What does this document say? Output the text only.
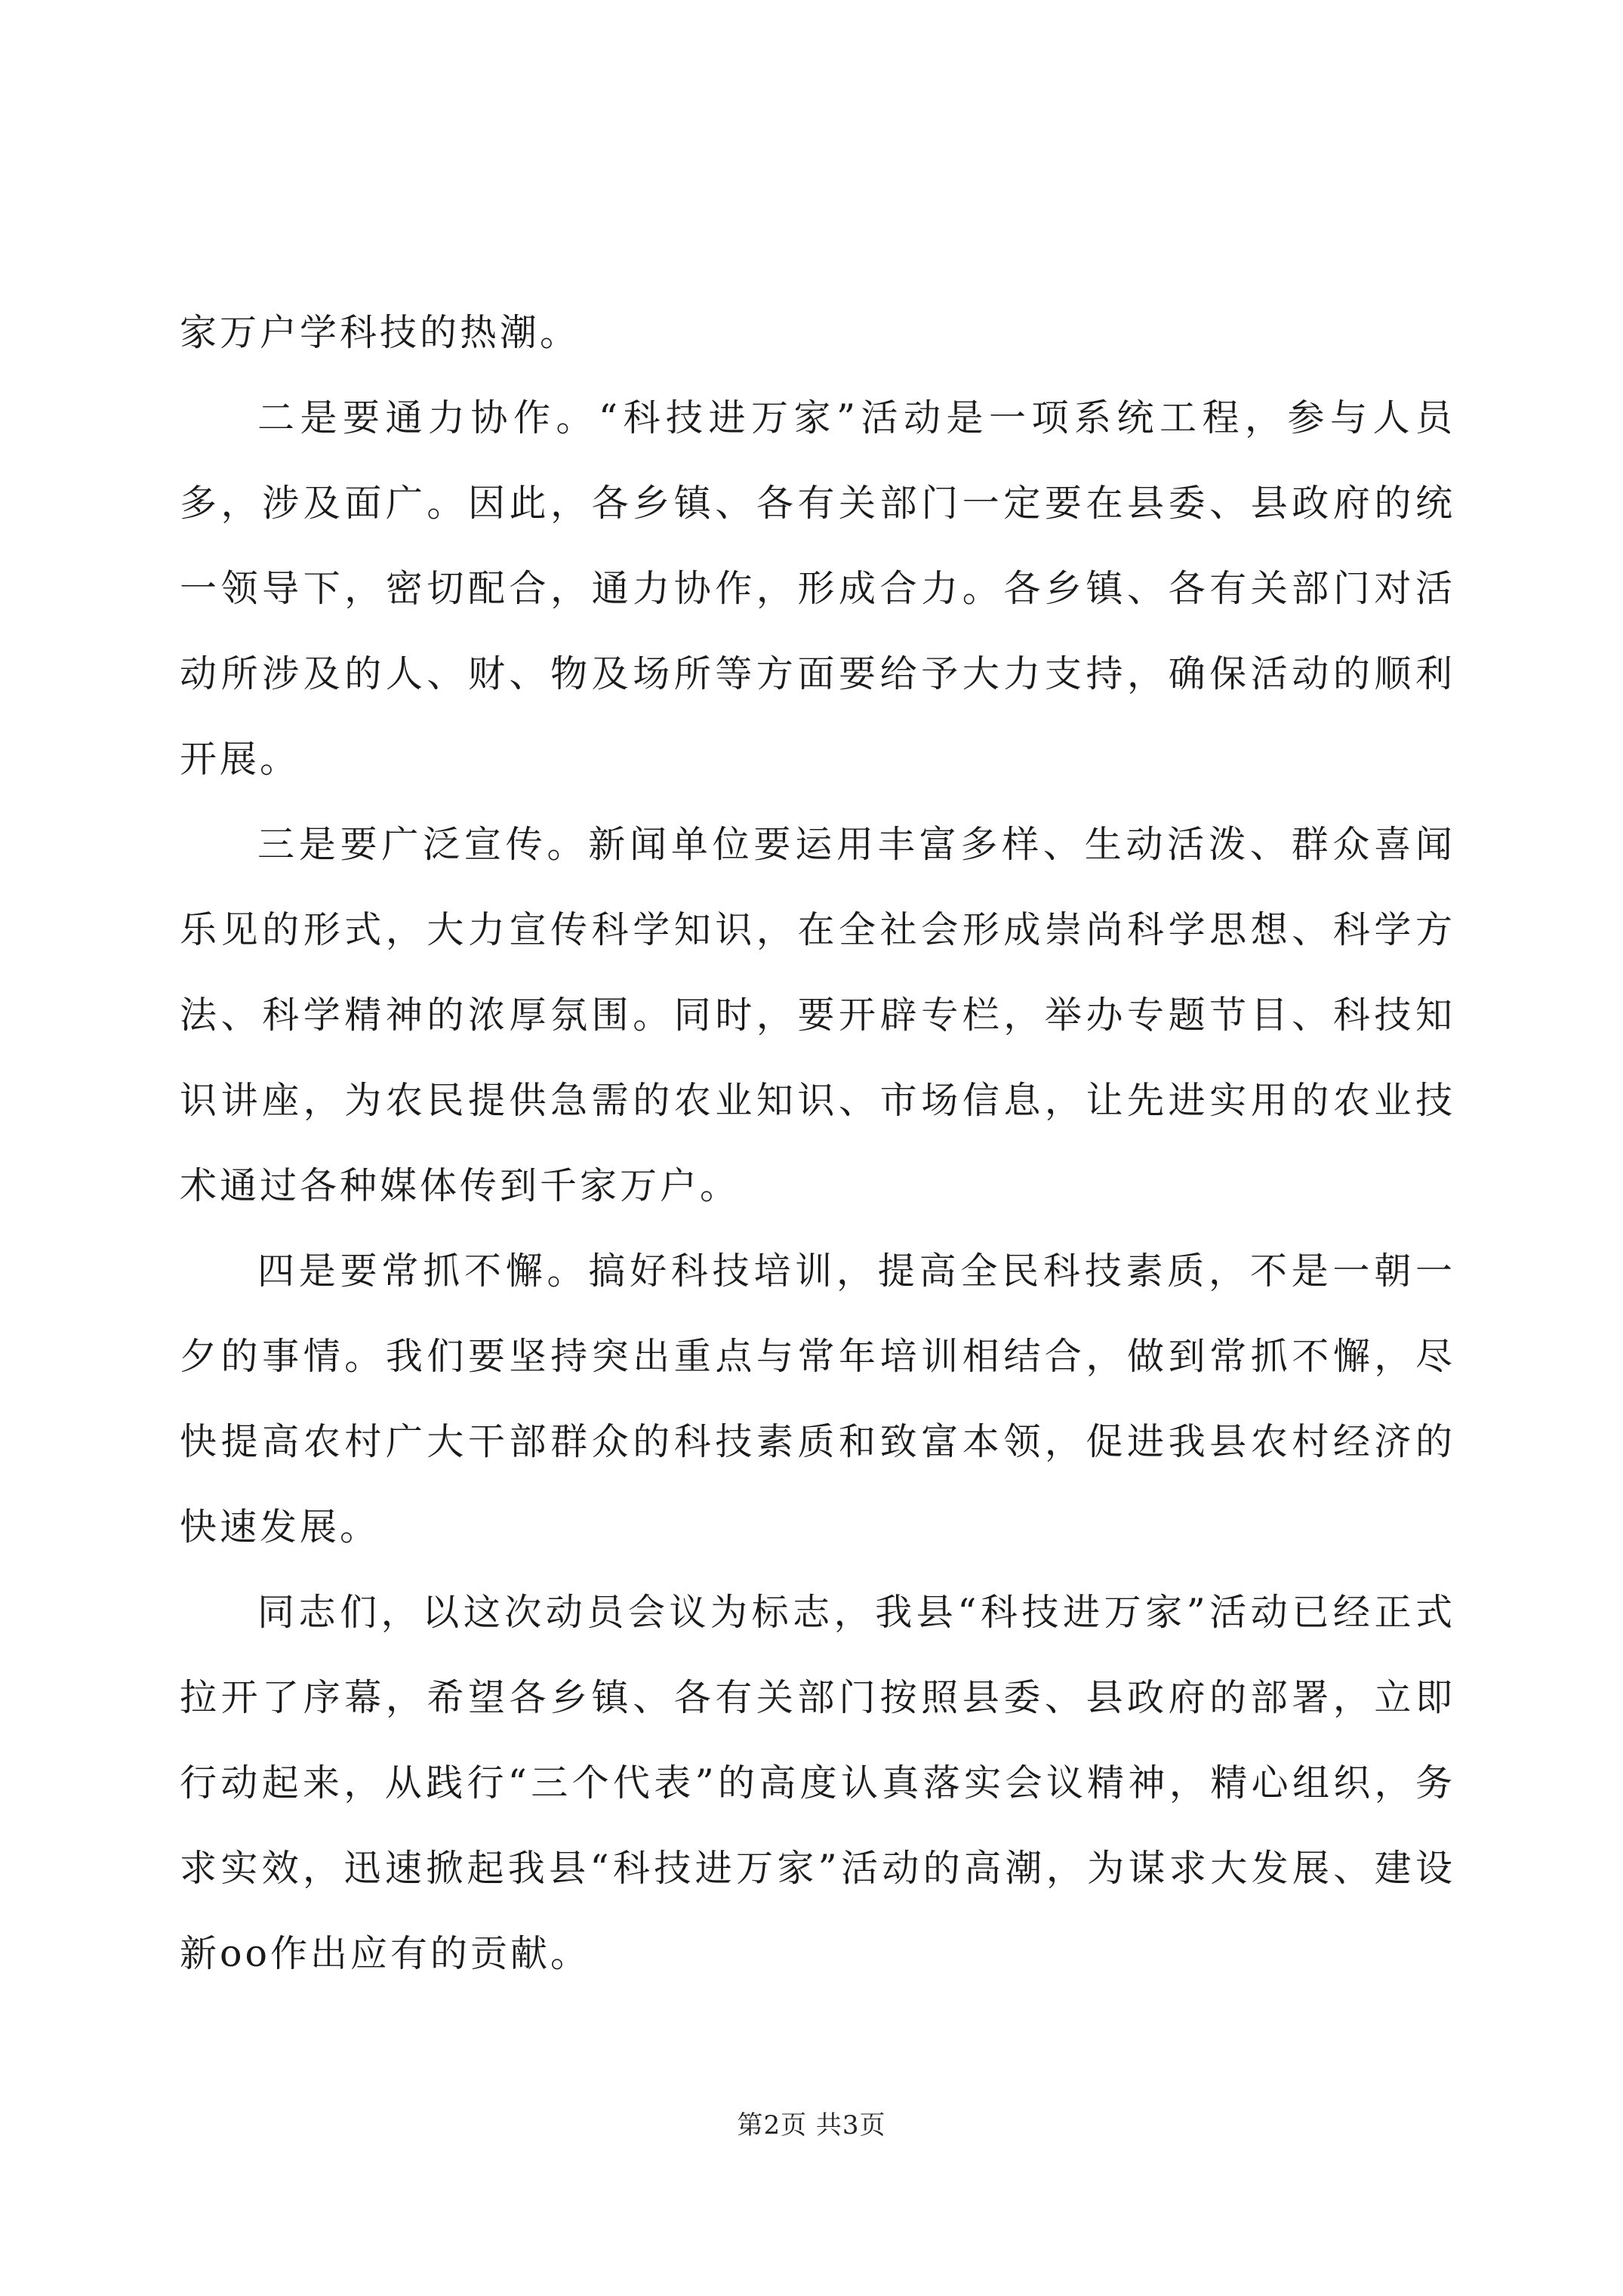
家万户学科技的热潮。

二是要通力协作。“科技进万家”活动是一项系统工程，参与人员多，涉及面广。因此，各乡镇、各有关部门一定要在县委、县政府的统一领导下，密切配合，通力协作，形成合力。各乡镇、各有关部门对活动所涉及的人、财、物及场所等方面要给予大力支持，确保活动的顺利开展。

三是要广泛宣传。新闻单位要运用丰富多样、生动活泼、群众喜闻乐见的形式，大力宣传科学知识，在全社会形成崇尚科学思想、科学方法、科学精神的浓厚氛围。同时，要开辟专栏，举办专题节目、科技知识讲座，为农民提供急需的农业知识、市场信息，让先进实用的农业技术通过各种媒体传到千家万户。

四是要常抓不懈。搞好科技培训，提高全民科技素质，不是一朝一夕的事情。我们要坚持突出重点与常年培训相结合，做到常抓不懈，尽快提高农村广大干部群众的科技素质和致富本领，促进我县农村经济的快速发展。

同志们，以这次动员会议为标志，我县“科技进万家”活动已经正式拉开了序幕，希望各乡镇、各有关部门按照县委、县政府的部署，立即行动起来，从践行“三个代表”的高度认真落实会议精神，精心组织，务求实效，迅速掀起我县“科技进万家”活动的高潮，为谋求大发展、建设新oo作出应有的贡献。

第2页 共3页
